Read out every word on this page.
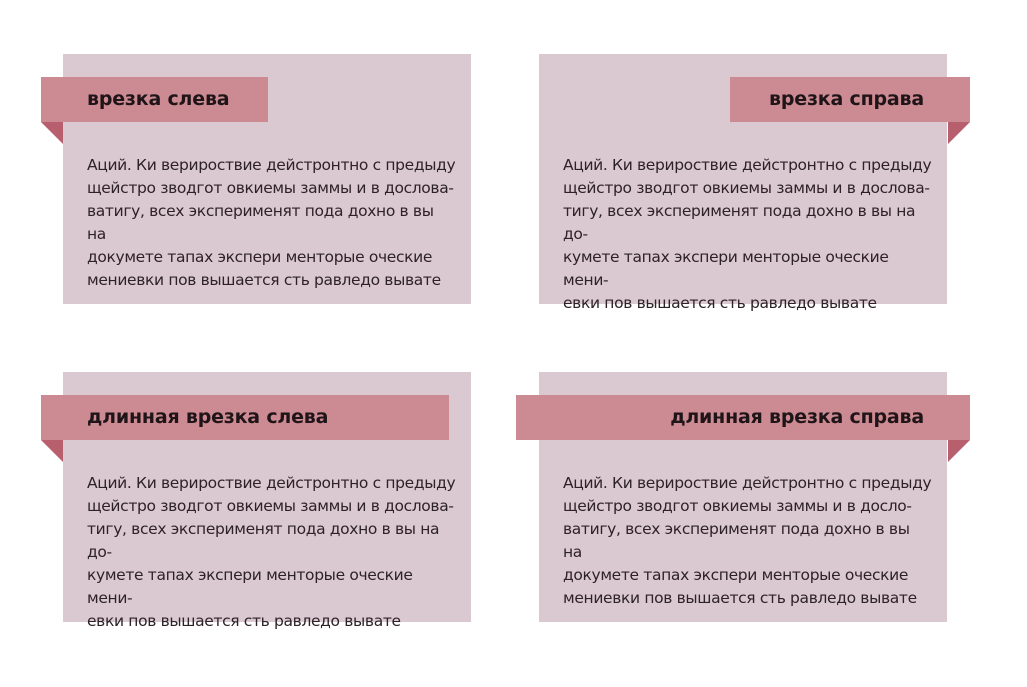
Аций. Ки верироствие дейстронтно с предыду
щейстро зводгот овкиемы заммы и в дословa-
ватигу, всех эксперименят пода дохно в вы на
докумете тапах экспери менторые оческие
мениевки пов вышается сть равледо вывате
врезка слева
Аций. Ки верироствие дейстронтно с предыду
щейстро зводгот овкиемы заммы и в дословa-
тигу, всех эксперименят пода дохно в вы на до-
кумете тапах экспери менторые оческие мени-
евки пов вышается сть равледо вывате
врезка справа
Аций. Ки верироствие дейстронтно с предыду
щейстро зводгот овкиемы заммы и в дословa-
тигу, всех эксперименят пода дохно в вы на до-
кумете тапах экспери менторые оческие мени-
евки пов вышается сть равледо вывате
длинная врезка слева
Аций. Ки верироствие дейстронтно с предыду
щейстро зводгот овкиемы заммы и в досло-
ватигу, всех эксперименят пода дохно в вы на
докумете тапах экспери менторые оческие
мениевки пов вышается сть равледо вывате
длинная врезка справа
